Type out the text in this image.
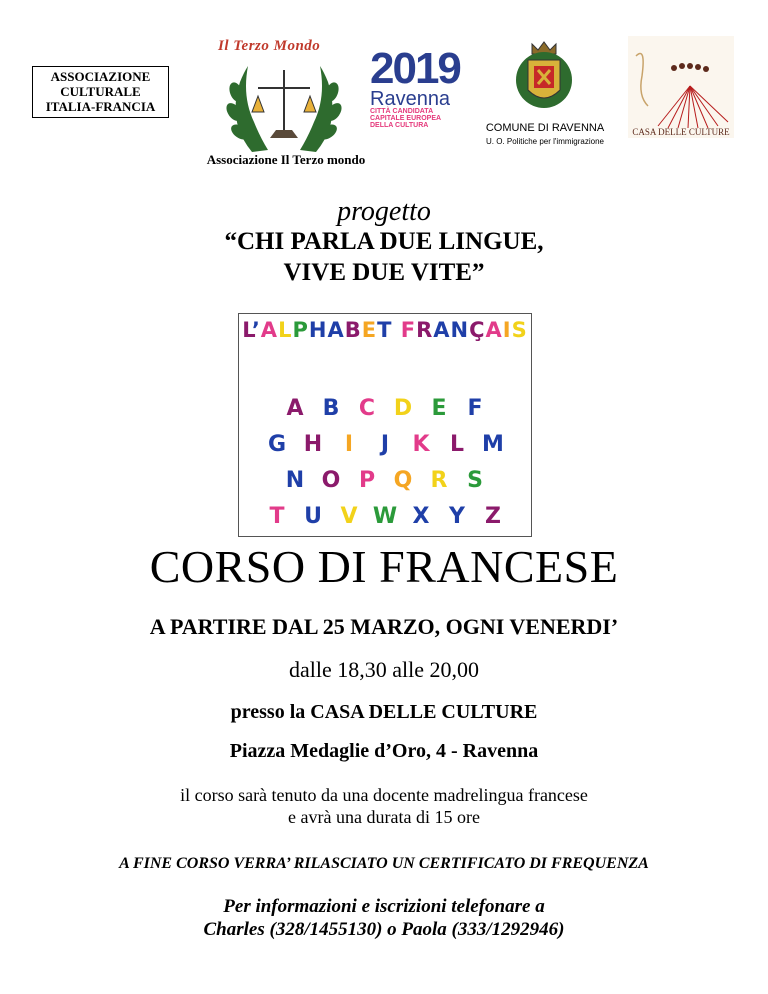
ASSOCIAZIONE
CULTURALE
ITALIA-FRANCIA
Il Terzo Mondo
Associazione Il Terzo mondo
2019
Ravenna
CITTÀ CANDIDATA
CAPITALE EUROPEA
DELLA CULTURA	COMUNE DI RAVENNA
U. O. Politiche per l'immigrazione
CASA DELLE CULTURE
progetto
“CHI PARLA DUE LINGUE,
VIVE DUE VITE”
L’ALPHABET FRANÇAIS
A B C D E F
G H I J K L M
N O P Q R S
T U V W X Y Z
CORSO DI FRANCESE
A PARTIRE DAL 25 MARZO, OGNI VENERDI’
dalle 18,30 alle 20,00
presso la CASA DELLE CULTURE
Piazza Medaglie d’Oro, 4 - Ravenna
il corso sarà tenuto da una docente madrelingua francese
e avrà una durata di 15 ore
A FINE CORSO VERRA’ RILASCIATO UN CERTIFICATO DI FREQUENZA
Per informazioni e iscrizioni telefonare a
Charles (328/1455130) o Paola (333/1292946)
